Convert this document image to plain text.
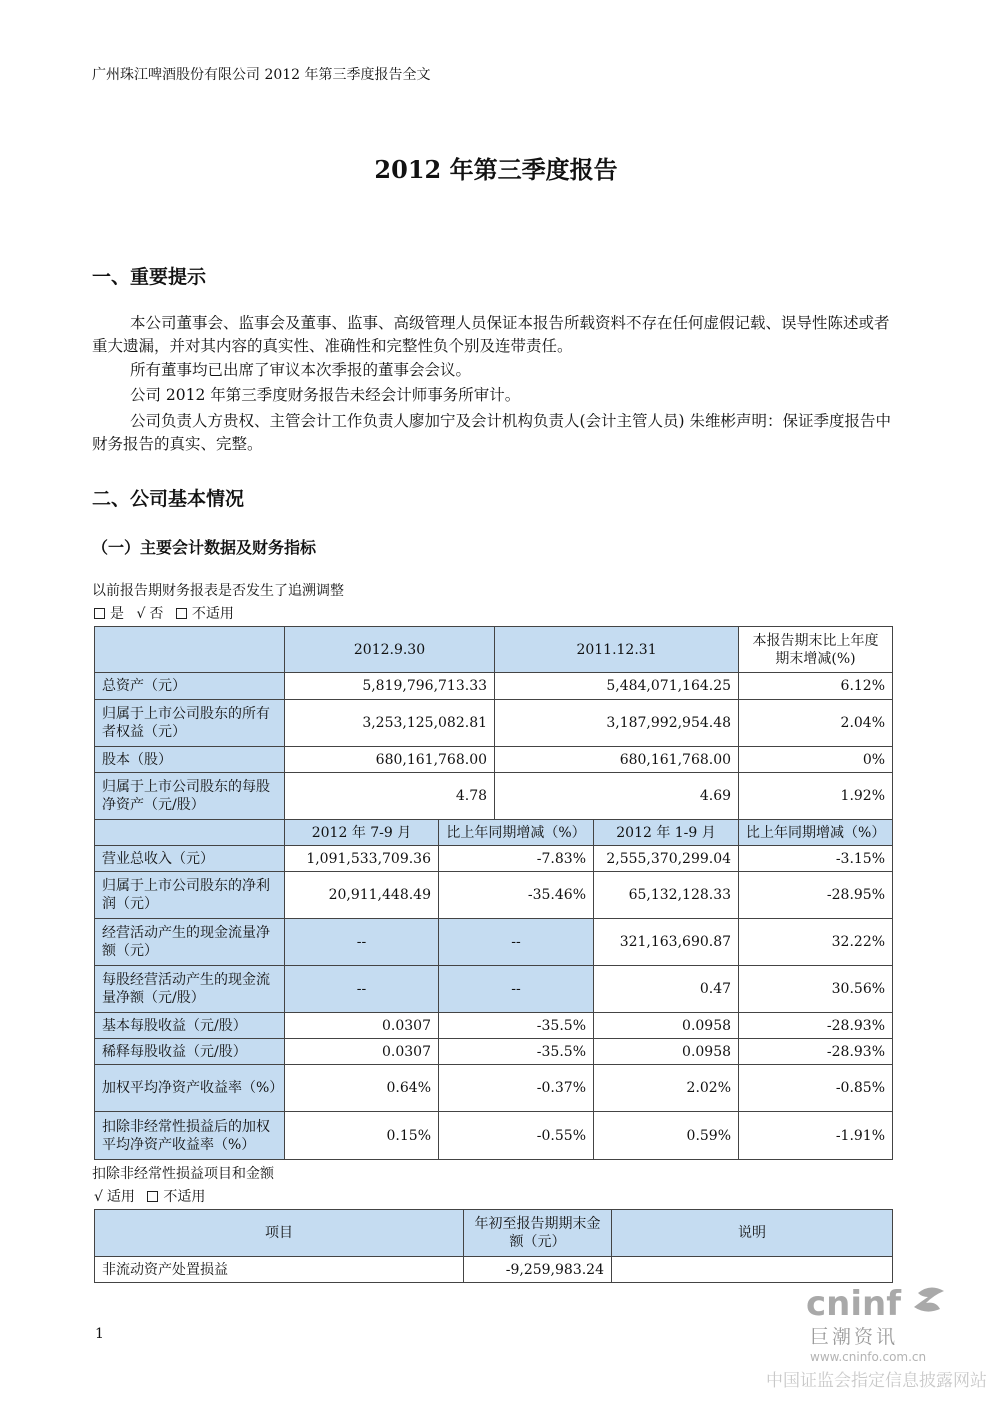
广州珠江啤酒股份有限公司 2012 年第三季度报告全文
2012 年第三季度报告
一、重要提示

本公司董事会、监事会及董事、监事、高级管理人员保证本报告所载资料不存在任何虚假记载、误导性陈述或者重大遗漏，并对其内容的真实性、准确性和完整性负个别及连带责任。

所有董事均已出席了审议本次季报的董事会会议。

公司 2012 年第三季度财务报告未经会计师事务所审计。

公司负责人方贵权、主管会计工作负责人廖加宁及会计机构负责人(会计主管人员) 朱维彬声明：保证季度报告中财务报告的真实、完整。

二、公司基本情况
（一）主要会计数据及财务指标
以前报告期财务报表是否发生了追溯调整
是 √ 否 不适用
	2012.9.30		2011.12.31		本报告期末比上年度期末增减(%)
总资产（元）	5,819,796,713.33		5,484,071,164.25		6.12%
归属于上市公司股东的所有者权益（元）	3,253,125,082.81		3,187,992,954.48		2.04%
股本（股）	680,161,768.00		680,161,768.00		0%
归属于上市公司股东的每股净资产（元/股）	4.78		4.69		1.92%
	2012 年 7-9 月	比上年同期增减（%）		2012 年 1-9 月	比上年同期增减（%）
营业总收入（元）	1,091,533,709.36	-7.83%		2,555,370,299.04	-3.15%
归属于上市公司股东的净利润（元）	20,911,448.49	-35.46%		65,132,128.33	-28.95%
经营活动产生的现金流量净额（元）	--	--		321,163,690.87	32.22%
每股经营活动产生的现金流量净额（元/股）	--	--		0.47	30.56%
基本每股收益（元/股）	0.0307	-35.5%		0.0958	-28.93%
稀释每股收益（元/股）	0.0307	-35.5%		0.0958	-28.93%
加权平均净资产收益率（%）	0.64%	-0.37%		2.02%	-0.85%
扣除非经常性损益后的加权平均净资产收益率（%）	0.15%	-0.55%		0.59%	-1.91%
扣除非经常性损益项目和金额
√ 适用 不适用
项目	年初至报告期期末金额（元）	说明
非流动资产处置损益	-9,259,983.24	
1
cninf
巨潮资讯
www.cninfo.com.cn
中国证监会指定信息披露网站
